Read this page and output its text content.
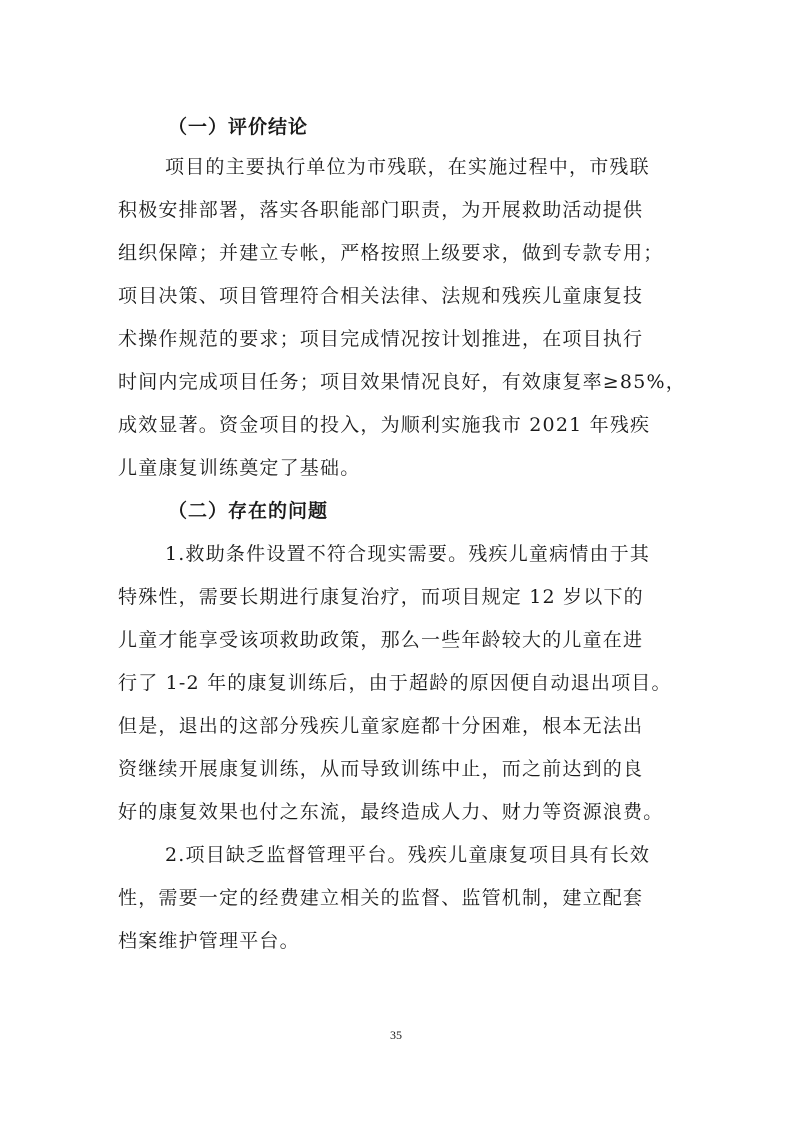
（一）评价结论
项目的主要执行单位为市残联，在实施过程中，市残联
积极安排部署，落实各职能部门职责，为开展救助活动提供
组织保障；并建立专帐，严格按照上级要求，做到专款专用；
项目决策、项目管理符合相关法律、法规和残疾儿童康复技
术操作规范的要求；项目完成情况按计划推进，在项目执行
时间内完成项目任务；项目效果情况良好，有效康复率≥85%，
成效显著。资金项目的投入，为顺利实施我市 2021 年残疾
儿童康复训练奠定了基础。
（二）存在的问题
1.救助条件设置不符合现实需要。残疾儿童病情由于其
特殊性，需要长期进行康复治疗，而项目规定 12 岁以下的
儿童才能享受该项救助政策，那么一些年龄较大的儿童在进
行了 1-2 年的康复训练后，由于超龄的原因便自动退出项目。
但是，退出的这部分残疾儿童家庭都十分困难，根本无法出
资继续开展康复训练，从而导致训练中止，而之前达到的良
好的康复效果也付之东流，最终造成人力、财力等资源浪费。
2.项目缺乏监督管理平台。残疾儿童康复项目具有长效
性，需要一定的经费建立相关的监督、监管机制，建立配套
档案维护管理平台。
35
